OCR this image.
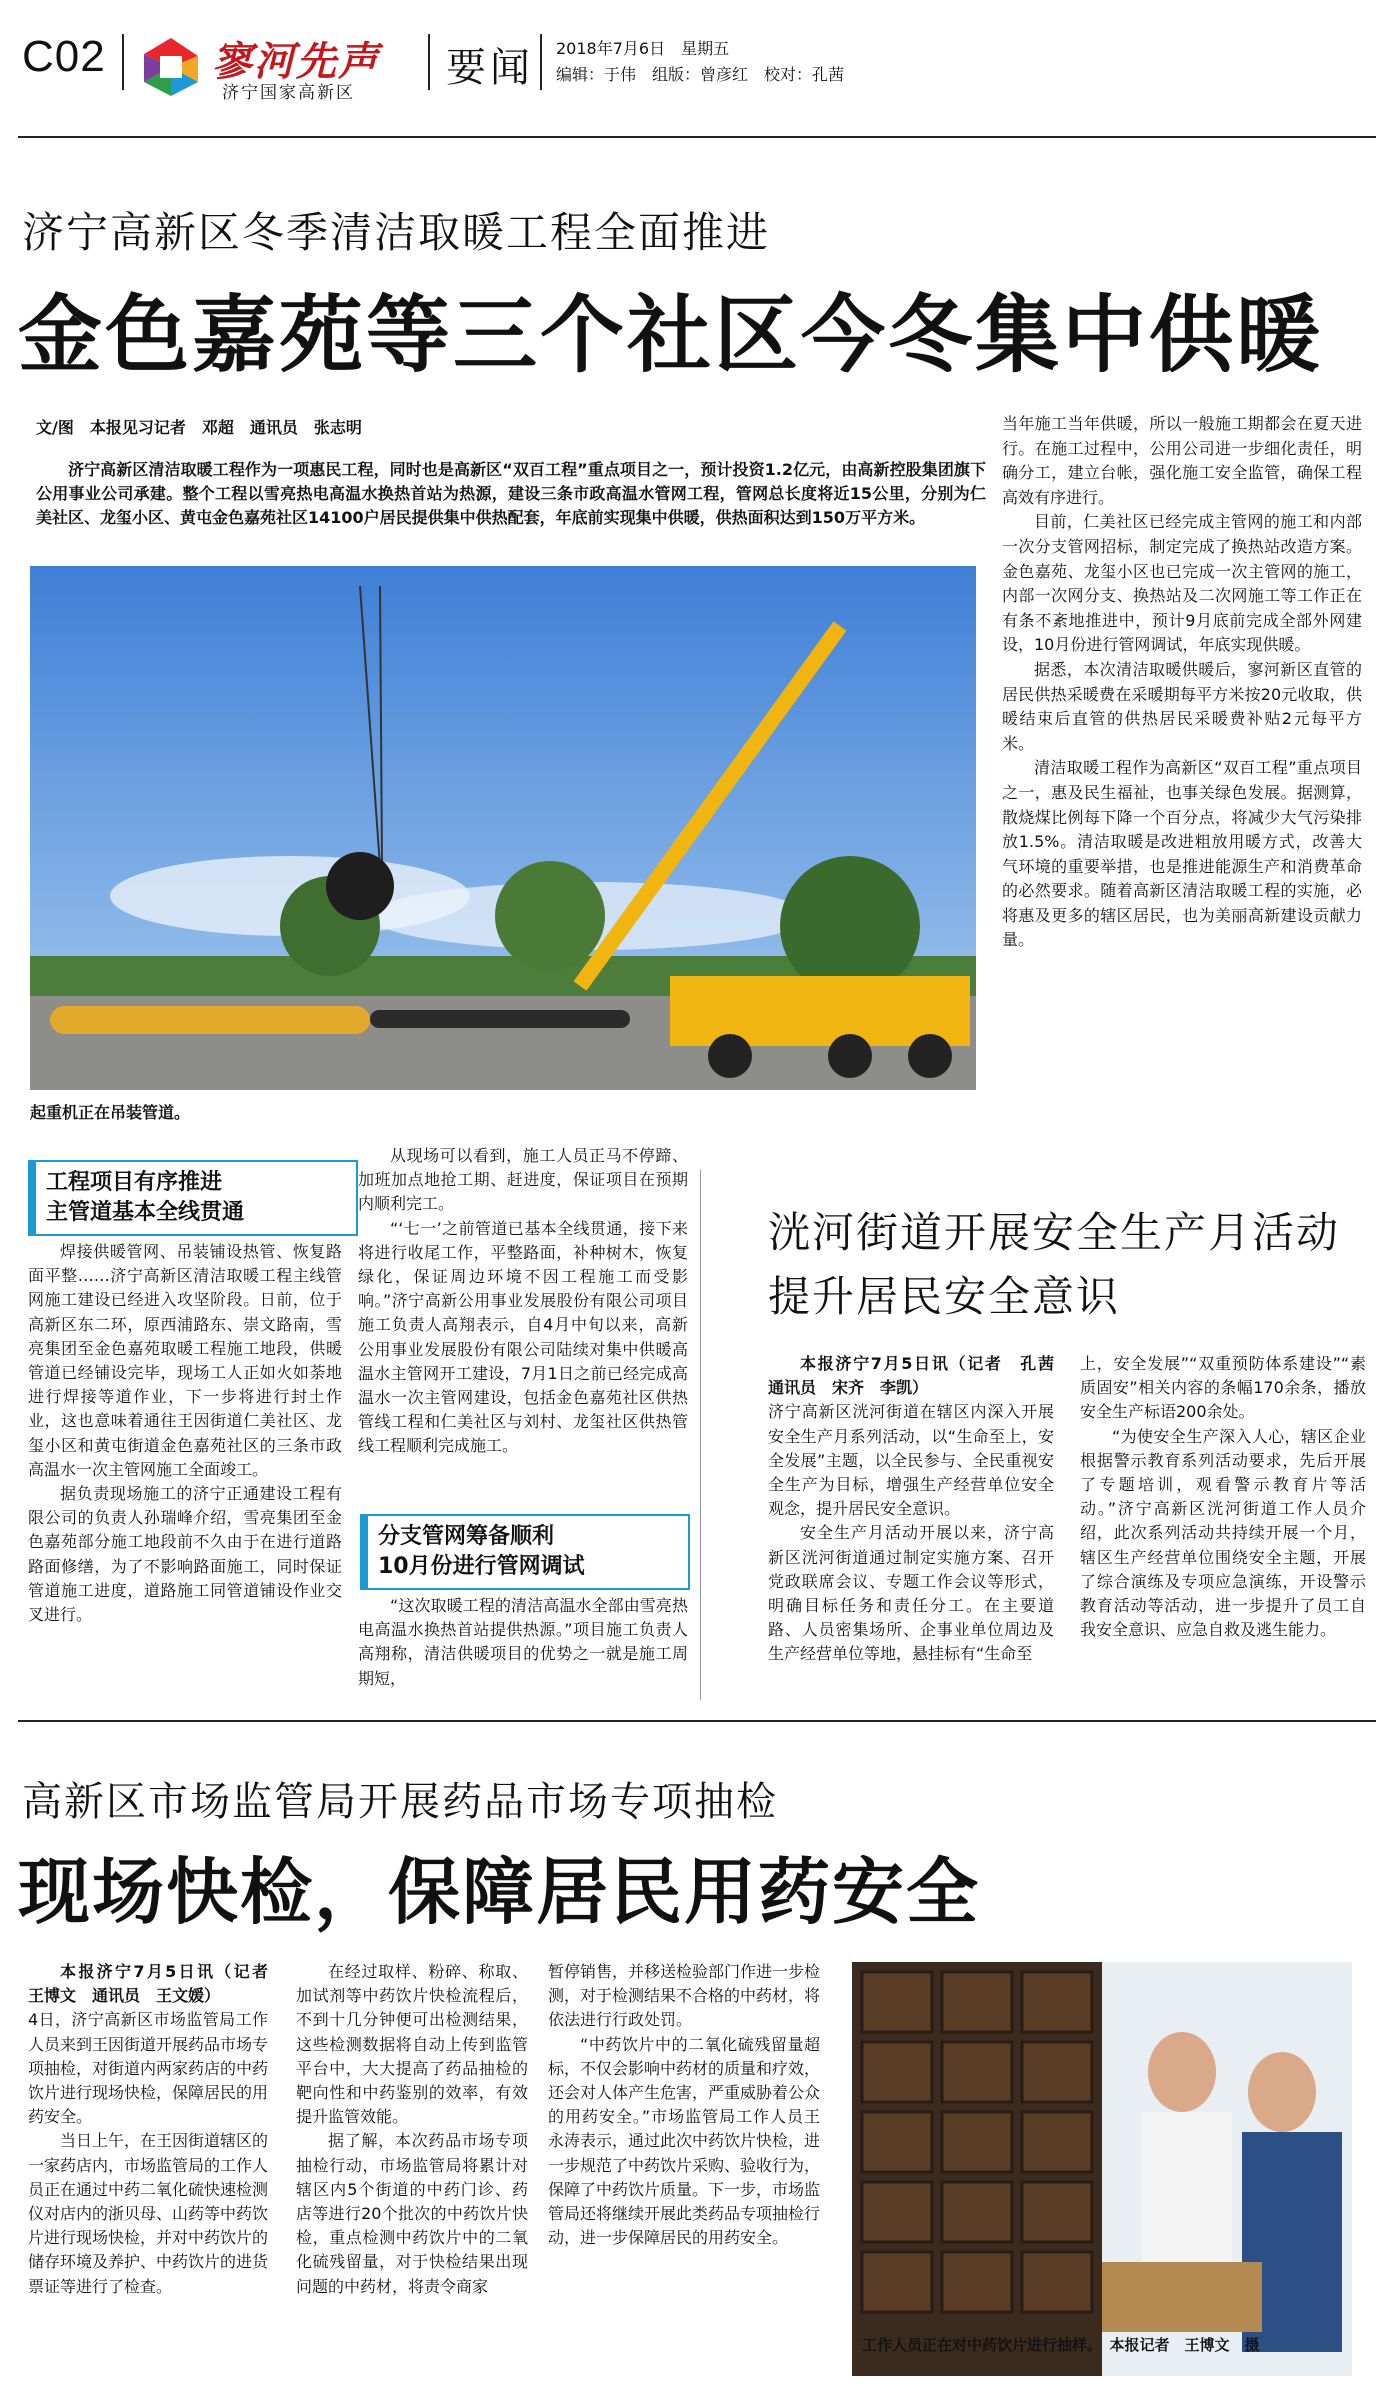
C02	寥河先声
济宁国家高新区
要闻 2018年7月6日　星期五
编辑：于伟　组版：曾彦红　校对：孔茜
济宁高新区冬季清洁取暖工程全面推进
金色嘉苑等三个社区今冬集中供暖
文/图　本报见习记者　邓超　通讯员　张志明

济宁高新区清洁取暖工程作为一项惠民工程，同时也是高新区“双百工程”重点项目之一，预计投资1.2亿元，由高新控股集团旗下公用事业公司承建。整个工程以雪亮热电高温水换热首站为热源，建设三条市政高温水管网工程，管网总长度将近15公里，分别为仁美社区、龙玺小区、黄屯金色嘉苑社区14100户居民提供集中供热配套，年底前实现集中供暖，供热面积达到150万平方米。

起重机正在吊装管道。

当年施工当年供暖，所以一般施工期都会在夏天进行。在施工过程中，公用公司进一步细化责任，明确分工，建立台帐，强化施工安全监管，确保工程高效有序进行。

目前，仁美社区已经完成主管网的施工和内部一次分支管网招标，制定完成了换热站改造方案。金色嘉苑、龙玺小区也已完成一次主管网的施工，内部一次网分支、换热站及二次网施工等工作正在有条不紊地推进中，预计9月底前完成全部外网建设，10月份进行管网调试，年底实现供暖。

据悉，本次清洁取暖供暖后，寥河新区直管的居民供热采暖费在采暖期每平方米按20元收取，供暖结束后直管的供热居民采暖费补贴2元每平方米。

清洁取暖工程作为高新区“双百工程”重点项目之一，惠及民生福祉，也事关绿色发展。据测算，散烧煤比例每下降一个百分点，将减少大气污染排放1.5%。清洁取暖是改进粗放用暖方式，改善大气环境的重要举措，也是推进能源生产和消费革命的必然要求。随着高新区清洁取暖工程的实施，必将惠及更多的辖区居民，也为美丽高新建设贡献力量。

工程项目有序推进
主管道基本全线贯通

焊接供暖管网、吊装铺设热管、恢复路面平整……济宁高新区清洁取暖工程主线管网施工建设已经进入攻坚阶段。日前，位于高新区东二环，原西浦路东、崇文路南，雪亮集团至金色嘉苑取暖工程施工地段，供暖管道已经铺设完毕，现场工人正如火如荼地进行焊接等道作业，下一步将进行封土作业，这也意味着通往王因街道仁美社区、龙玺小区和黄屯街道金色嘉苑社区的三条市政高温水一次主管网施工全面竣工。

据负责现场施工的济宁正通建设工程有限公司的负责人孙瑞峰介绍，雪亮集团至金色嘉苑部分施工地段前不久由于在进行道路路面修缮，为了不影响路面施工，同时保证管道施工进度，道路施工同管道铺设作业交叉进行。

从现场可以看到，施工人员正马不停蹄、加班加点地抢工期、赶进度，保证项目在预期内顺利完工。

“‘七一’之前管道已基本全线贯通，接下来将进行收尾工作，平整路面，补种树木，恢复绿化，保证周边环境不因工程施工而受影响。”济宁高新公用事业发展股份有限公司项目施工负责人高翔表示，自4月中旬以来，高新公用事业发展股份有限公司陆续对集中供暖高温水主管网开工建设，7月1日之前已经完成高温水一次主管网建设，包括金色嘉苑社区供热管线工程和仁美社区与刘村、龙玺社区供热管线工程顺利完成施工。

分支管网筹备顺利
10月份进行管网调试

“这次取暖工程的清洁高温水全部由雪亮热电高温水换热首站提供热源。”项目施工负责人高翔称，清洁供暖项目的优势之一就是施工周期短，

洸河街道开展安全生产月活动
提升居民安全意识

本报济宁7月5日讯（记者　孔茜　通讯员　宋齐　李凯）

济宁高新区洸河街道在辖区内深入开展安全生产月系列活动，以“生命至上，安全发展”主题，以全民参与、全民重视安全生产为目标，增强生产经营单位安全观念，提升居民安全意识。

安全生产月活动开展以来，济宁高新区洸河街道通过制定实施方案、召开党政联席会议、专题工作会议等形式，明确目标任务和责任分工。在主要道路、人员密集场所、企事业单位周边及生产经营单位等地，悬挂标有“生命至

上，安全发展”“双重预防体系建设”“素质固安”相关内容的条幅170余条，播放安全生产标语200余处。

“为使安全生产深入人心，辖区企业根据警示教育系列活动要求，先后开展了专题培训，观看警示教育片等活动。”济宁高新区洸河街道工作人员介绍，此次系列活动共持续开展一个月，辖区生产经营单位围绕安全主题，开展了综合演练及专项应急演练，开设警示教育活动等活动，进一步提升了员工自我安全意识、应急自救及逃生能力。

高新区市场监管局开展药品市场专项抽检
现场快检，保障居民用药安全

本报济宁7月5日讯（记者　王博文　通讯员　王文媛）

4日，济宁高新区市场监管局工作人员来到王因街道开展药品市场专项抽检，对街道内两家药店的中药饮片进行现场快检，保障居民的用药安全。

当日上午，在王因街道辖区的一家药店内，市场监管局的工作人员正在通过中药二氧化硫快速检测仪对店内的浙贝母、山药等中药饮片进行现场快检，并对中药饮片的储存环境及养护、中药饮片的进货票证等进行了检查。

在经过取样、粉碎、称取、加试剂等中药饮片快检流程后，不到十几分钟便可出检测结果，这些检测数据将自动上传到监管平台中，大大提高了药品抽检的靶向性和中药鉴别的效率，有效提升监管效能。

据了解，本次药品市场专项抽检行动，市场监管局将累计对辖区内5个街道的中药门诊、药店等进行20个批次的中药饮片快检，重点检测中药饮片中的二氧化硫残留量，对于快检结果出现问题的中药材，将责令商家

暂停销售，并移送检验部门作进一步检测，对于检测结果不合格的中药材，将依法进行行政处罚。

“中药饮片中的二氧化硫残留量超标，不仅会影响中药材的质量和疗效，还会对人体产生危害，严重威胁着公众的用药安全。”市场监管局工作人员王永涛表示，通过此次中药饮片快检，进一步规范了中药饮片采购、验收行为，保障了中药饮片质量。下一步，市场监管局还将继续开展此类药品专项抽检行动，进一步保障居民的用药安全。

工作人员正在对中药饮片进行抽样。　本报记者　王博文　摄
